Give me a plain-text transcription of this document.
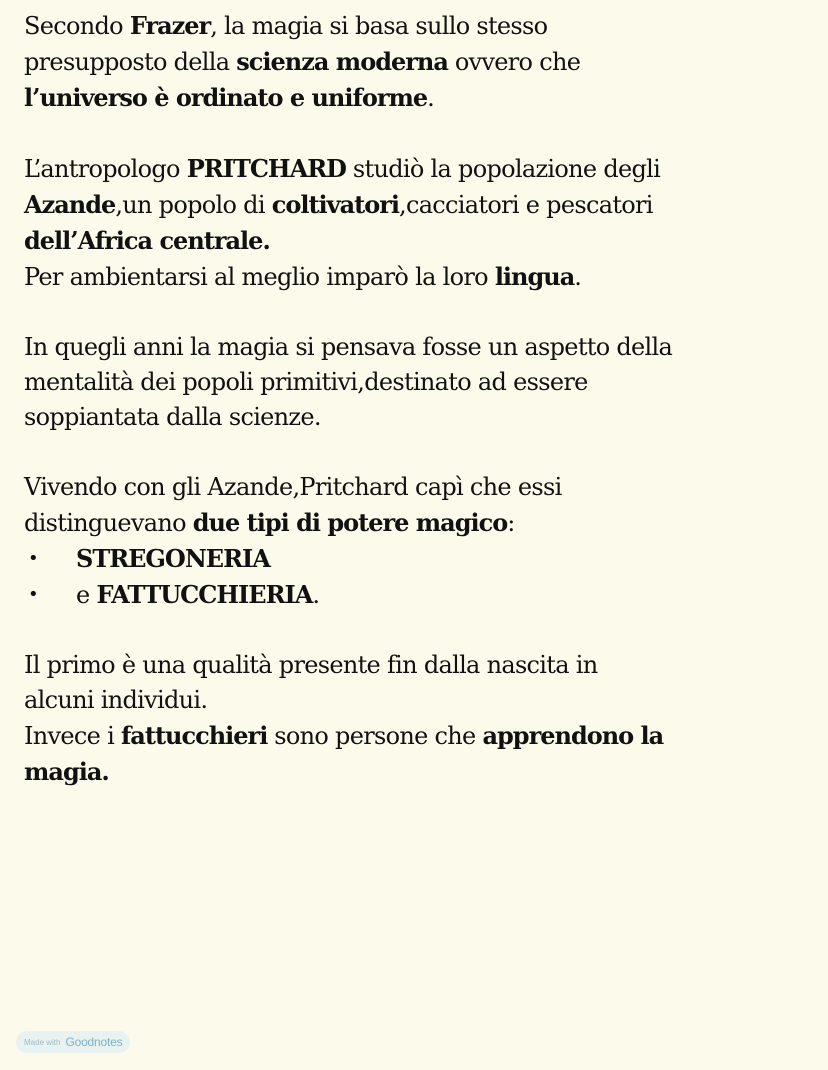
Secondo Frazer, la magia si basa sullo stesso
presupposto della scienza moderna ovvero che
l’universo è ordinato e uniforme.
L’antropologo PRITCHARD studiò la popolazione degli
Azande,un popolo di coltivatori,cacciatori e pescatori
dell’Africa centrale.
Per ambientarsi al meglio imparò la loro lingua.
In quegli anni la magia si pensava fosse un aspetto della
mentalità dei popoli primitivi,destinato ad essere
soppiantata dalla scienze.
Vivendo con gli Azande,Pritchard capì che essi
distinguevano due tipi di potere magico:
• STREGONERIA
• e FATTUCCHIERIA.
Il primo è una qualità presente fin dalla nascita in
alcuni individui.
Invece i fattucchieri sono persone che apprendono la
magia.
Made with Goodnotes
